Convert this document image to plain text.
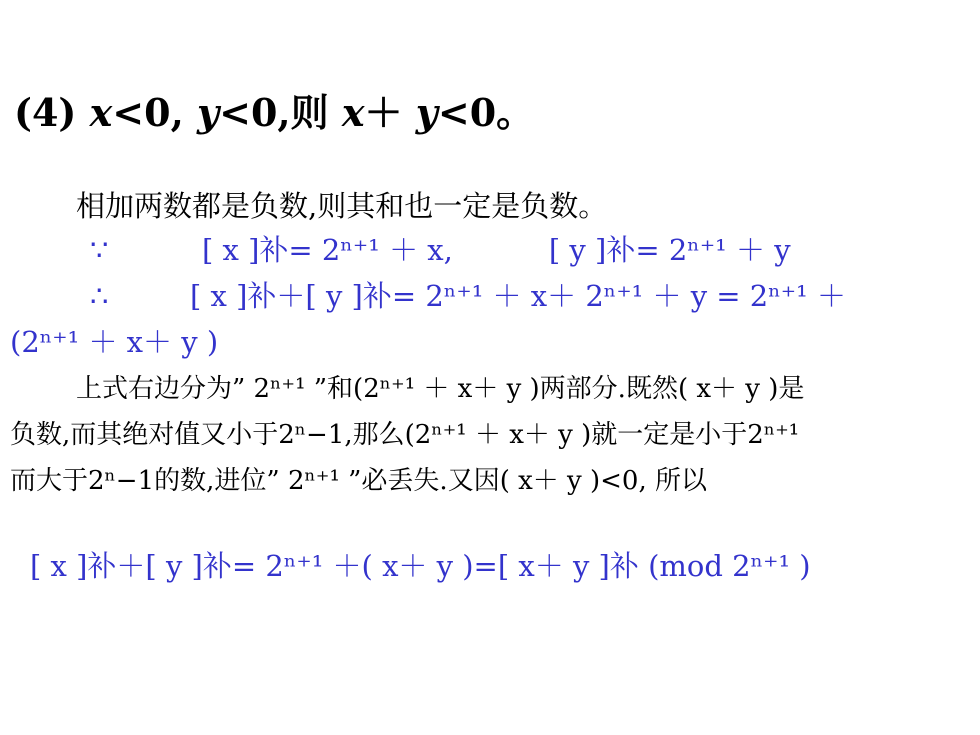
(4) x<0, y<0,则 x＋ y<0。
相加两数都是负数,则其和也一定是负数。
∵	[ x ]补= 2ⁿ⁺¹ ＋ x,	[ y ]补= 2ⁿ⁺¹ ＋ y
∴	[ x ]补＋[ y ]补= 2ⁿ⁺¹ ＋ x＋ 2ⁿ⁺¹ ＋ y = 2ⁿ⁺¹ ＋
(2ⁿ⁺¹ ＋ x＋ y )
上式右边分为” 2ⁿ⁺¹ ”和(2ⁿ⁺¹ ＋ x＋ y )两部分.既然( x＋ y )是
负数,而其绝对值又小于2ⁿ−1,那么(2ⁿ⁺¹ ＋ x＋ y )就一定是小于2ⁿ⁺¹
而大于2ⁿ−1的数,进位” 2ⁿ⁺¹ ”必丢失.又因( x＋ y )<0, 所以
[ x ]补＋[ y ]补= 2ⁿ⁺¹ ＋( x＋ y )=[ x＋ y ]补 (mod 2ⁿ⁺¹ )
